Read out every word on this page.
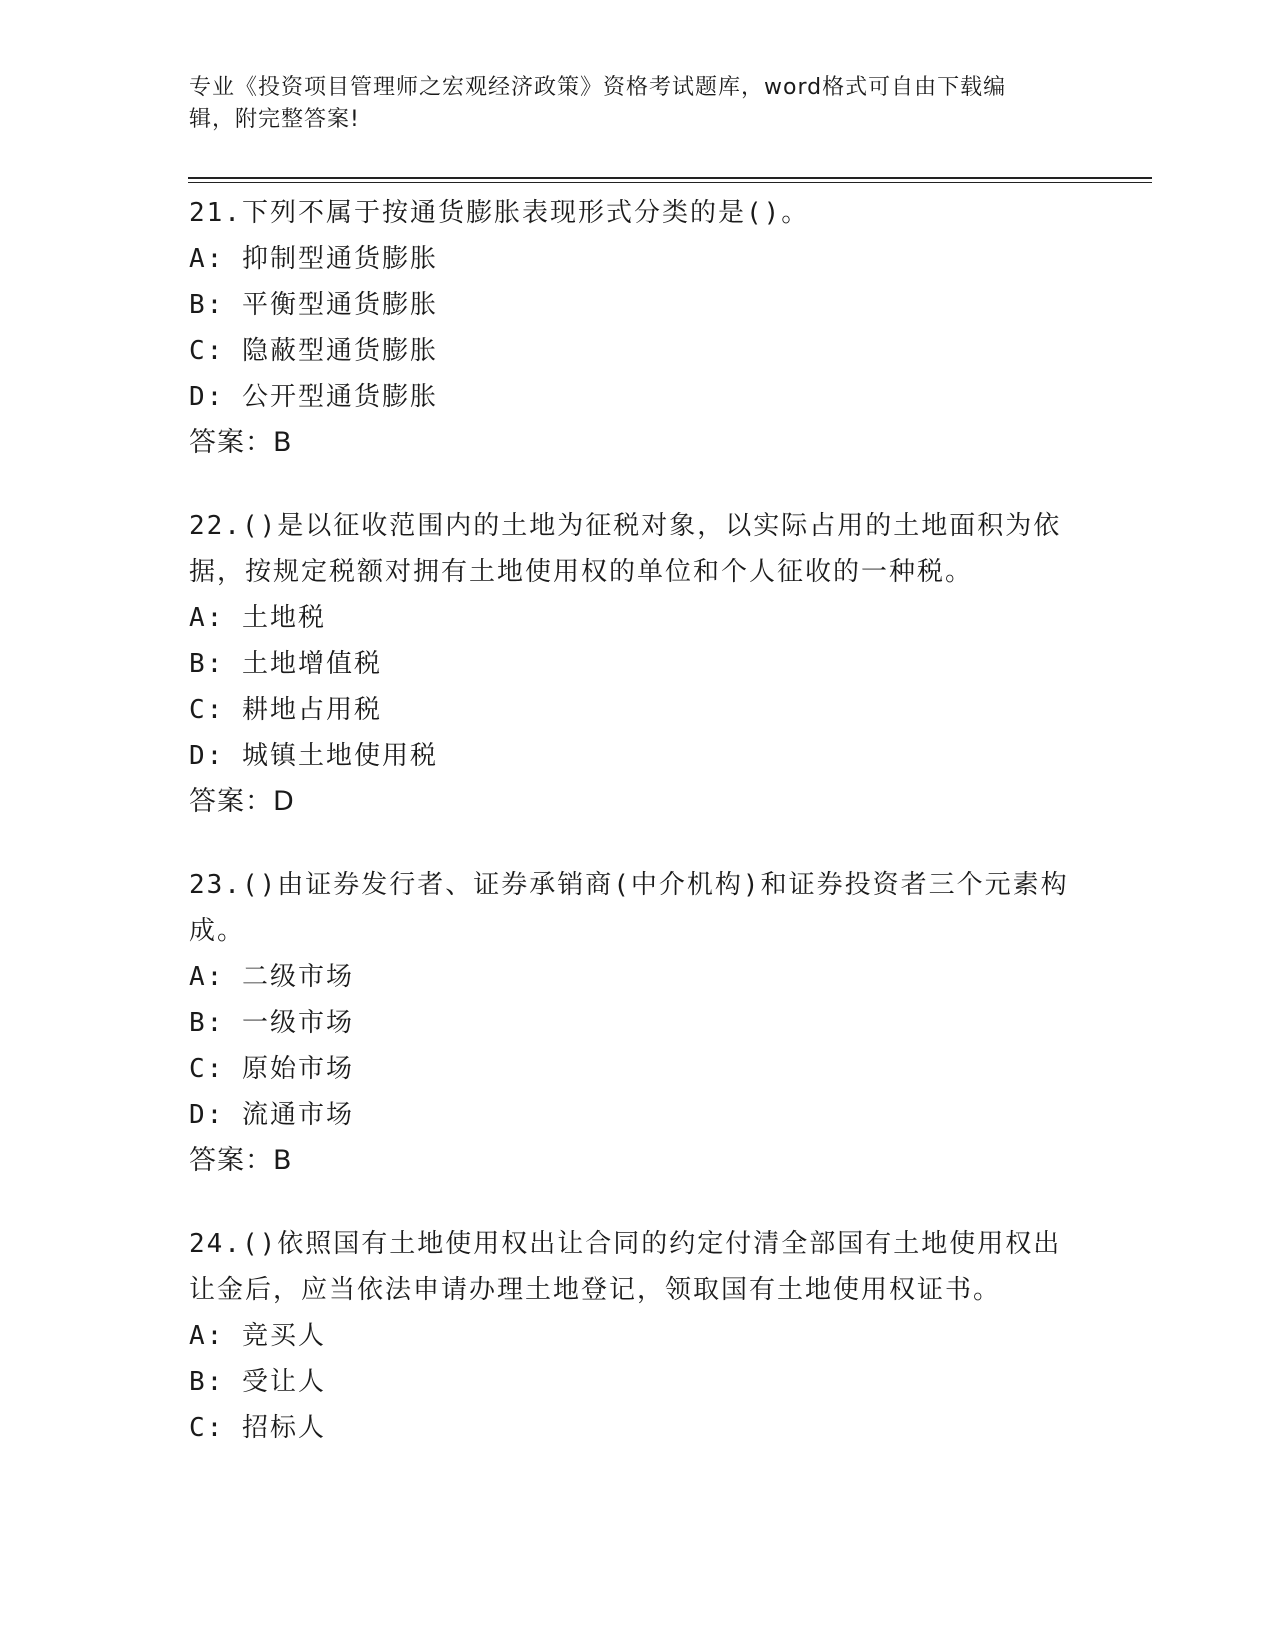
专业《投资项目管理师之宏观经济政策》资格考试题库，word格式可自由下载编
辑，附完整答案!
21.下列不属于按通货膨胀表现形式分类的是()。
A: 抑制型通货膨胀
B: 平衡型通货膨胀
C: 隐蔽型通货膨胀
D: 公开型通货膨胀
答案：B
22.()是以征收范围内的土地为征税对象，以实际占用的土地面积为依
据，按规定税额对拥有土地使用权的单位和个人征收的一种税。
A: 土地税
B: 土地增值税
C: 耕地占用税
D: 城镇土地使用税
答案：D
23.()由证券发行者、证券承销商(中介机构)和证券投资者三个元素构
成。
A: 二级市场
B: 一级市场
C: 原始市场
D: 流通市场
答案：B
24.()依照国有土地使用权出让合同的约定付清全部国有土地使用权出
让金后，应当依法申请办理土地登记，领取国有土地使用权证书。
A: 竞买人
B: 受让人
C: 招标人
